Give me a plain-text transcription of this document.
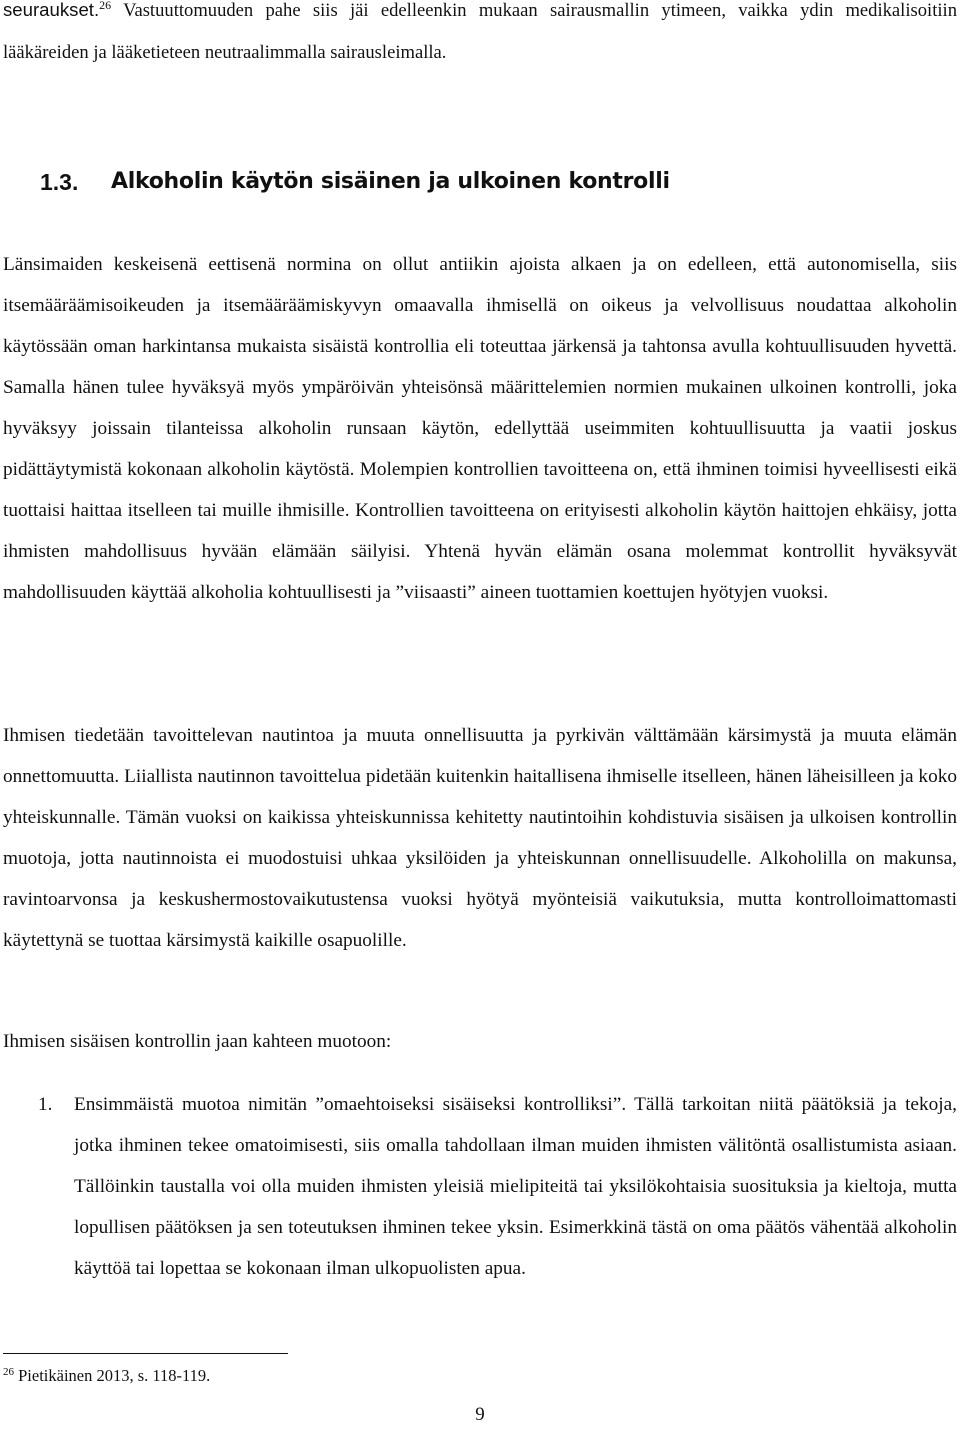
seuraukset.$^{26}$ Vastuuttomuuden pahe siis jäi edelleenkin mukaan sairausmallin ytimeen, vaikka ydin medikalisoitiin lääkäreiden ja lääketieteen neutraalimmalla sairausleimalla.

1.3. Alkoholin käytön sisäinen ja ulkoinen kontrolli

Länsimaiden keskeisenä eettisenä normina on ollut antiikin ajoista alkaen ja on edelleen, että autonomisella, siis itsemääräämisoikeuden ja itsemääräämiskyvyn omaavalla ihmisellä on oikeus ja velvollisuus noudattaa alkoholin käytössään oman harkintansa mukaista sisäistä kontrollia eli toteuttaa järkensä ja tahtonsa avulla kohtuullisuuden hyvettä. Samalla hänen tulee hyväksyä myös ympäröivän yhteisönsä määrittelemien normien mukainen ulkoinen kontrolli, joka hyväksyy joissain tilanteissa alkoholin runsaan käytön, edellyttää useimmiten kohtuullisuutta ja vaatii joskus pidättäytymistä kokonaan alkoholin käytöstä. Molempien kontrollien tavoitteena on, että ihminen toimisi hyveellisesti eikä tuottaisi haittaa itselleen tai muille ihmisille. Kontrollien tavoitteena on erityisesti alkoholin käytön haittojen ehkäisy, jotta ihmisten mahdollisuus hyvään elämään säilyisi. Yhtenä hyvän elämän osana molemmat kontrollit hyväksyvät mahdollisuuden käyttää alkoholia kohtuullisesti ja ”viisaasti” aineen tuottamien koettujen hyötyjen vuoksi.

Ihmisen tiedetään tavoittelevan nautintoa ja muuta onnellisuutta ja pyrkivän välttämään kärsimystä ja muuta elämän onnettomuutta. Liiallista nautinnon tavoittelua pidetään kuitenkin haitallisena ihmiselle itselleen, hänen läheisilleen ja koko yhteiskunnalle. Tämän vuoksi on kaikissa yhteiskunnissa kehitetty nautintoihin kohdistuvia sisäisen ja ulkoisen kontrollin muotoja, jotta nautinnoista ei muodostuisi uhkaa yksilöiden ja yhteiskunnan onnellisuudelle. Alkoholilla on makunsa, ravintoarvonsa ja keskushermostovaikutustensa vuoksi hyötyä myönteisiä vaikutuksia, mutta kontrolloimattomasti käytettynä se tuottaa kärsimystä kaikille osapuolille.

Ihmisen sisäisen kontrollin jaan kahteen muotoon:

1. Ensimmäistä muotoa nimitän ”omaehtoiseksi sisäiseksi kontrolliksi”. Tällä tarkoitan niitä päätöksiä ja tekoja, jotka ihminen tekee omatoimisesti, siis omalla tahdollaan ilman muiden ihmisten välitöntä osallistumista asiaan. Tällöinkin taustalla voi olla muiden ihmisten yleisiä mielipiteitä tai yksilökohtaisia suosituksia ja kieltoja, mutta lopullisen päätöksen ja sen toteutuksen ihminen tekee yksin. Esimerkkinä tästä on oma päätös vähentää alkoholin käyttöä tai lopettaa se kokonaan ilman ulkopuolisten apua.

$^{26}$ Pietikäinen 2013, s. 118-119.
9
